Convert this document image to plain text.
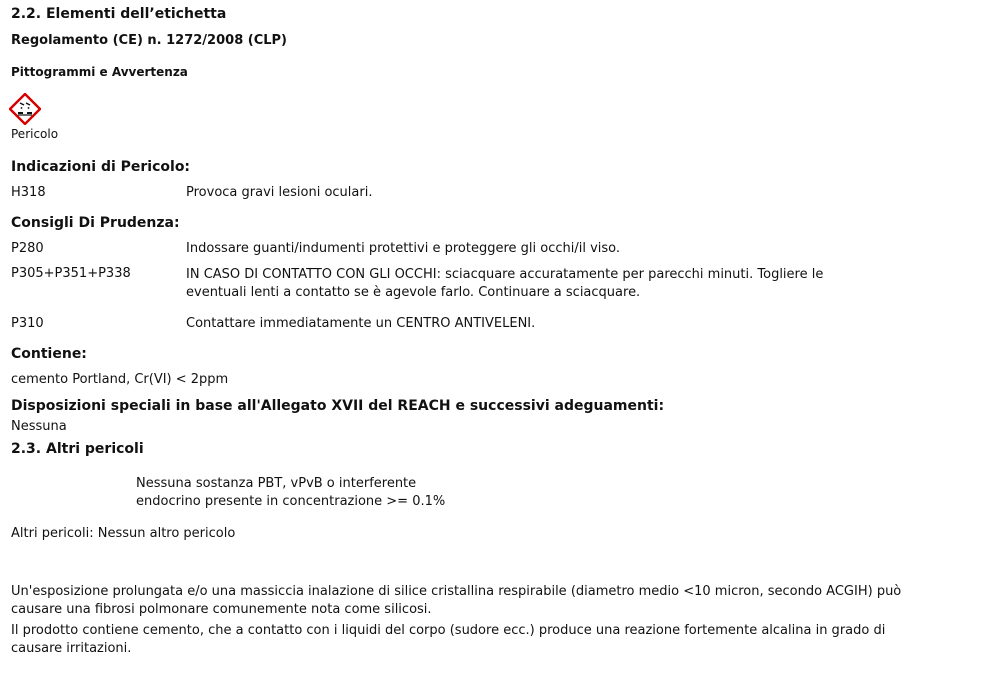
2.2. Elementi dell’etichetta
Regolamento (CE) n. 1272/2008 (CLP)
Pittogrammi e Avvertenza
Pericolo
Indicazioni di Pericolo:
H318	Provoca gravi lesioni oculari.
Consigli Di Prudenza:
P280	Indossare guanti/indumenti protettivi e proteggere gli occhi/il viso.
P305+P351+P338	IN CASO DI CONTATTO CON GLI OCCHI: sciacquare accuratamente per parecchi minuti. Togliere le
eventuali lenti a contatto se è agevole farlo. Continuare a sciacquare.
P310	Contattare immediatamente un CENTRO ANTIVELENI.
Contiene:
cemento Portland, Cr(VI) < 2ppm
Disposizioni speciali in base all'Allegato XVII del REACH e successivi adeguamenti:
Nessuna
2.3. Altri pericoli
Nessuna sostanza PBT, vPvB o interferente
endocrino presente in concentrazione >= 0.1%
Altri pericoli: Nessun altro pericolo
Un'esposizione prolungata e/o una massiccia inalazione di silice cristallina respirabile (diametro medio <10 micron, secondo ACGIH) può
causare una fibrosi polmonare comunemente nota come silicosi.
Il prodotto contiene cemento, che a contatto con i liquidi del corpo (sudore ecc.) produce una reazione fortemente alcalina in grado di
causare irritazioni.
